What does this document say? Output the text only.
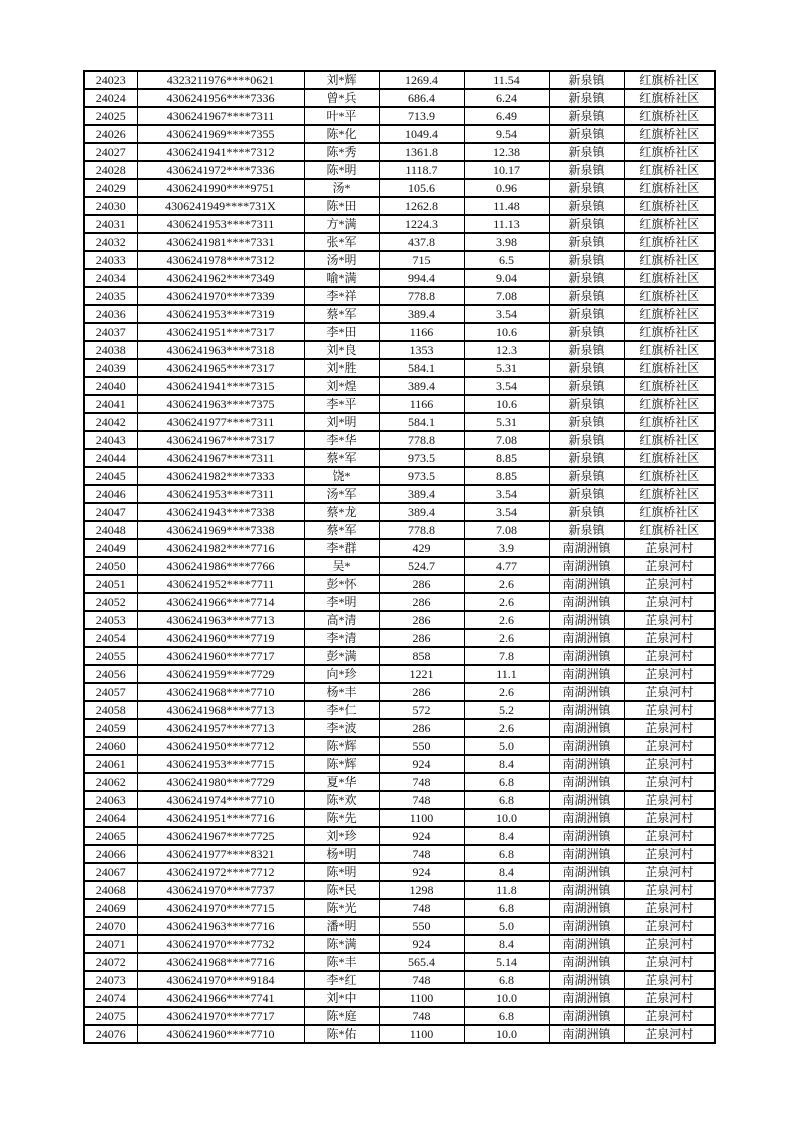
24023	4323211976****0621	刘*辉	1269.4	11.54	新泉镇	红旗桥社区
24024	4306241956****7336	曾*兵	686.4	6.24	新泉镇	红旗桥社区
24025	4306241967****7311	叶*平	713.9	6.49	新泉镇	红旗桥社区
24026	4306241969****7355	陈*化	1049.4	9.54	新泉镇	红旗桥社区
24027	4306241941****7312	陈*秀	1361.8	12.38	新泉镇	红旗桥社区
24028	4306241972****7336	陈*明	1118.7	10.17	新泉镇	红旗桥社区
24029	4306241990****9751	汤*	105.6	0.96	新泉镇	红旗桥社区
24030	4306241949****731X	陈*田	1262.8	11.48	新泉镇	红旗桥社区
24031	4306241953****7311	方*满	1224.3	11.13	新泉镇	红旗桥社区
24032	4306241981****7331	张*军	437.8	3.98	新泉镇	红旗桥社区
24033	4306241978****7312	汤*明	715	6.5	新泉镇	红旗桥社区
24034	4306241962****7349	喻*满	994.4	9.04	新泉镇	红旗桥社区
24035	4306241970****7339	李*祥	778.8	7.08	新泉镇	红旗桥社区
24036	4306241953****7319	蔡*军	389.4	3.54	新泉镇	红旗桥社区
24037	4306241951****7317	李*田	1166	10.6	新泉镇	红旗桥社区
24038	4306241963****7318	刘*良	1353	12.3	新泉镇	红旗桥社区
24039	4306241965****7317	刘*胜	584.1	5.31	新泉镇	红旗桥社区
24040	4306241941****7315	刘*煌	389.4	3.54	新泉镇	红旗桥社区
24041	4306241963****7375	李*平	1166	10.6	新泉镇	红旗桥社区
24042	4306241977****7311	刘*明	584.1	5.31	新泉镇	红旗桥社区
24043	4306241967****7317	李*华	778.8	7.08	新泉镇	红旗桥社区
24044	4306241967****7311	蔡*军	973.5	8.85	新泉镇	红旗桥社区
24045	4306241982****7333	饶*	973.5	8.85	新泉镇	红旗桥社区
24046	4306241953****7311	汤*军	389.4	3.54	新泉镇	红旗桥社区
24047	4306241943****7338	蔡*龙	389.4	3.54	新泉镇	红旗桥社区
24048	4306241969****7338	蔡*军	778.8	7.08	新泉镇	红旗桥社区
24049	4306241982****7716	李*群	429	3.9	南湖洲镇	芷泉河村
24050	4306241986****7766	吴*	524.7	4.77	南湖洲镇	芷泉河村
24051	4306241952****7711	彭*怀	286	2.6	南湖洲镇	芷泉河村
24052	4306241966****7714	李*明	286	2.6	南湖洲镇	芷泉河村
24053	4306241963****7713	高*清	286	2.6	南湖洲镇	芷泉河村
24054	4306241960****7719	李*清	286	2.6	南湖洲镇	芷泉河村
24055	4306241960****7717	彭*满	858	7.8	南湖洲镇	芷泉河村
24056	4306241959****7729	向*珍	1221	11.1	南湖洲镇	芷泉河村
24057	4306241968****7710	杨*丰	286	2.6	南湖洲镇	芷泉河村
24058	4306241968****7713	李*仁	572	5.2	南湖洲镇	芷泉河村
24059	4306241957****7713	李*波	286	2.6	南湖洲镇	芷泉河村
24060	4306241950****7712	陈*辉	550	5.0	南湖洲镇	芷泉河村
24061	4306241953****7715	陈*辉	924	8.4	南湖洲镇	芷泉河村
24062	4306241980****7729	夏*华	748	6.8	南湖洲镇	芷泉河村
24063	4306241974****7710	陈*欢	748	6.8	南湖洲镇	芷泉河村
24064	4306241951****7716	陈*先	1100	10.0	南湖洲镇	芷泉河村
24065	4306241967****7725	刘*珍	924	8.4	南湖洲镇	芷泉河村
24066	4306241977****8321	杨*明	748	6.8	南湖洲镇	芷泉河村
24067	4306241972****7712	陈*明	924	8.4	南湖洲镇	芷泉河村
24068	4306241970****7737	陈*民	1298	11.8	南湖洲镇	芷泉河村
24069	4306241970****7715	陈*光	748	6.8	南湖洲镇	芷泉河村
24070	4306241963****7716	潘*明	550	5.0	南湖洲镇	芷泉河村
24071	4306241970****7732	陈*满	924	8.4	南湖洲镇	芷泉河村
24072	4306241968****7716	陈*丰	565.4	5.14	南湖洲镇	芷泉河村
24073	4306241970****9184	李*红	748	6.8	南湖洲镇	芷泉河村
24074	4306241966****7741	刘*中	1100	10.0	南湖洲镇	芷泉河村
24075	4306241970****7717	陈*庭	748	6.8	南湖洲镇	芷泉河村
24076	4306241960****7710	陈*佑	1100	10.0	南湖洲镇	芷泉河村
